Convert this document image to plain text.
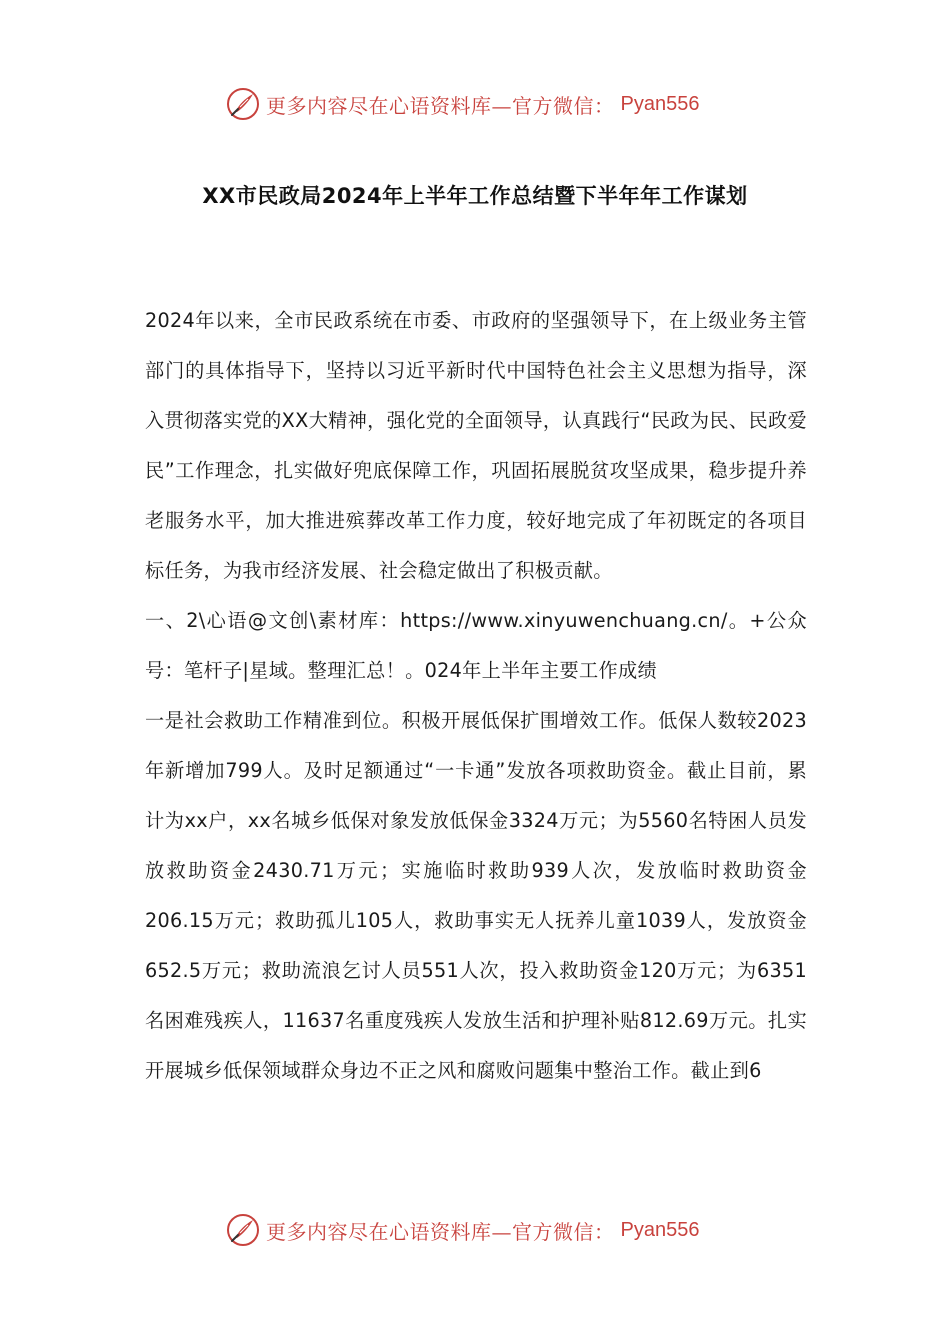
更多内容尽在心语资料库—官方微信： Pyan556
XX市民政局2024年上半年工作总结暨下半年年工作谋划

2024年以来，全市民政系统在市委、市政府的坚强领导下，在上级业务主管部门的具体指导下，坚持以习近平新时代中国特色社会主义思想为指导，深入贯彻落实党的XX大精神，强化党的全面领导，认真践行“民政为民、民政爱民”工作理念，扎实做好兜底保障工作，巩固拓展脱贫攻坚成果，稳步提升养老服务水平，加大推进殡葬改革工作力度，较好地完成了年初既定的各项目标任务，为我市经济发展、社会稳定做出了积极贡献。

一、2\心语@文创\素材库：https://www.xinyuwenchuang.cn/。+公众号：笔杆子|星域。整理汇总！。024年上半年主要工作成绩

一是社会救助工作精准到位。积极开展低保扩围增效工作。低保人数较2023年新增加799人。及时足额通过“一卡通”发放各项救助资金。截止目前，累计为xx户，xx名城乡低保对象发放低保金3324万元；为5560名特困人员发放救助资金2430.71万元；实施临时救助939人次，发放临时救助资金206.15万元；救助孤儿105人，救助事实无人抚养儿童1039人，发放资金652.5万元；救助流浪乞讨人员551人次，投入救助资金120万元；为6351名困难残疾人，11637名重度残疾人发放生活和护理补贴812.69万元。扎实开展城乡低保领域群众身边不正之风和腐败问题集中整治工作。截止到6

更多内容尽在心语资料库—官方微信： Pyan556
